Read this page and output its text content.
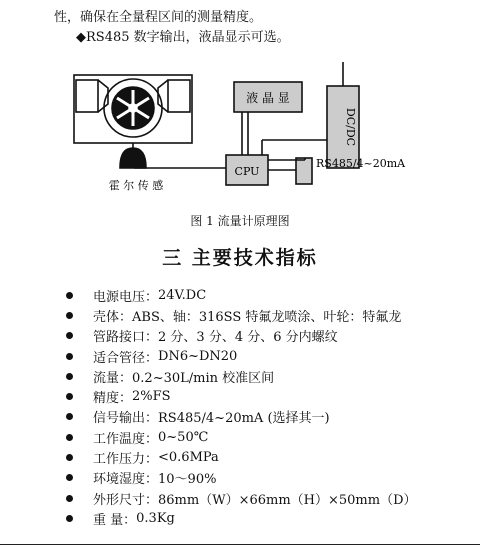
性，确保在全量程区间的测量精度。
◆RS485 数字输出，液晶显示可选。
液 晶 显
DC/DC
CPU
RS485/4~20mA
霍 尔 传 感
图 1 流量计原理图
三 主要技术指标
电源电压： 24V.DC
壳体： ABS、轴：316SS 特氟龙喷涂、叶轮：特氟龙
管路接口： 2 分、3 分、4 分、6 分内螺纹
适合管径： DN6~DN20
流量： 0.2~30L/min 校准区间
精度： 2%FS
信号输出： RS485/4~20mA (选择其一)
工作温度： 0~50℃
工作压力： <0.6MPa
环境湿度： 10～90%
外形尺寸： 86mm（W）×66mm（H）×50mm（D）
重 量： 0.3Kg
